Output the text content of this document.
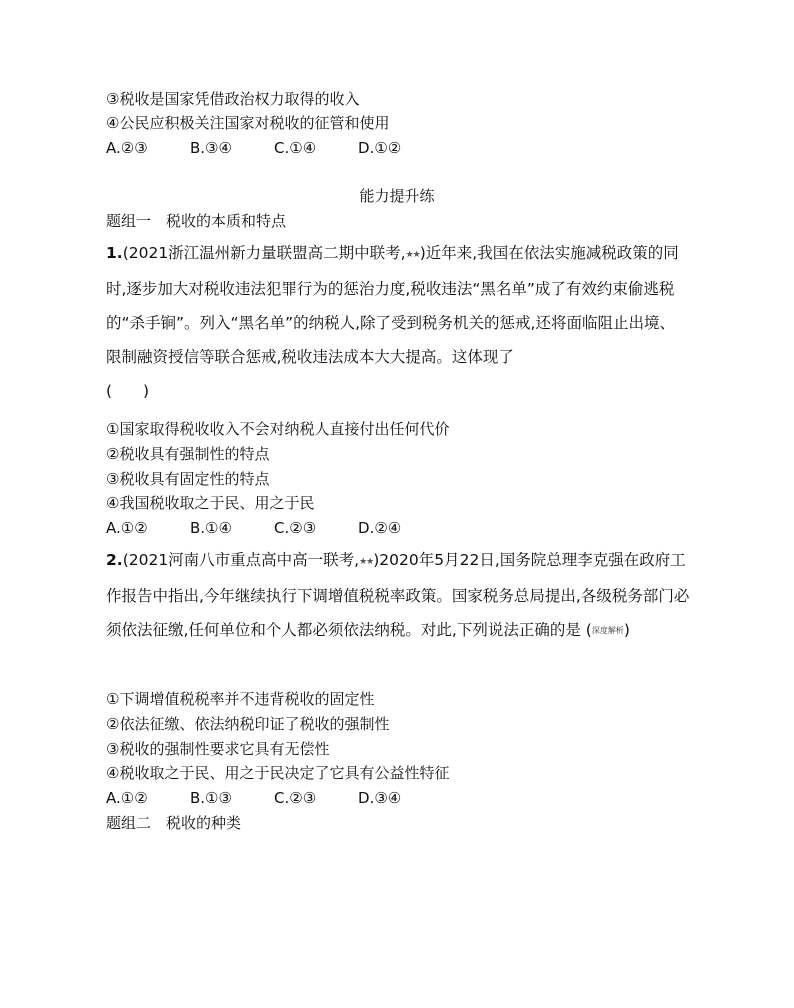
③税收是国家凭借政治权力取得的收入
④公民应积极关注国家对税收的征管和使用
A.②③	B.③④	C.①④	D.①②
能力提升练
题组一　税收的本质和特点
1.(2021浙江温州新力量联盟高二期中联考,★★)近年来,我国在依法实施减税政策的同时,逐步加大对税收违法犯罪行为的惩治力度,税收违法“黑名单”成了有效约束偷逃税的“杀手锏”。列入“黑名单”的纳税人,除了受到税务机关的惩戒,还将面临阻止出境、限制融资授信等联合惩戒,税收违法成本大大提高。这体现了
(　　)
①国家取得税收收入不会对纳税人直接付出任何代价
②税收具有强制性的特点
③税收具有固定性的特点
④我国税收取之于民、用之于民
A.①②	B.①④	C.②③	D.②④
2.(2021河南八市重点高中高一联考,★★)2020年5月22日,国务院总理李克强在政府工作报告中指出,今年继续执行下调增值税税率政策。国家税务总局提出,各级税务部门必须依法征缴,任何单位和个人都必须依法纳税。对此,下列说法正确的是 (深度解析)
①下调增值税税率并不违背税收的固定性
②依法征缴、依法纳税印证了税收的强制性
③税收的强制性要求它具有无偿性
④税收取之于民、用之于民决定了它具有公益性特征
A.①②	B.①③	C.②③	D.③④
题组二　税收的种类
